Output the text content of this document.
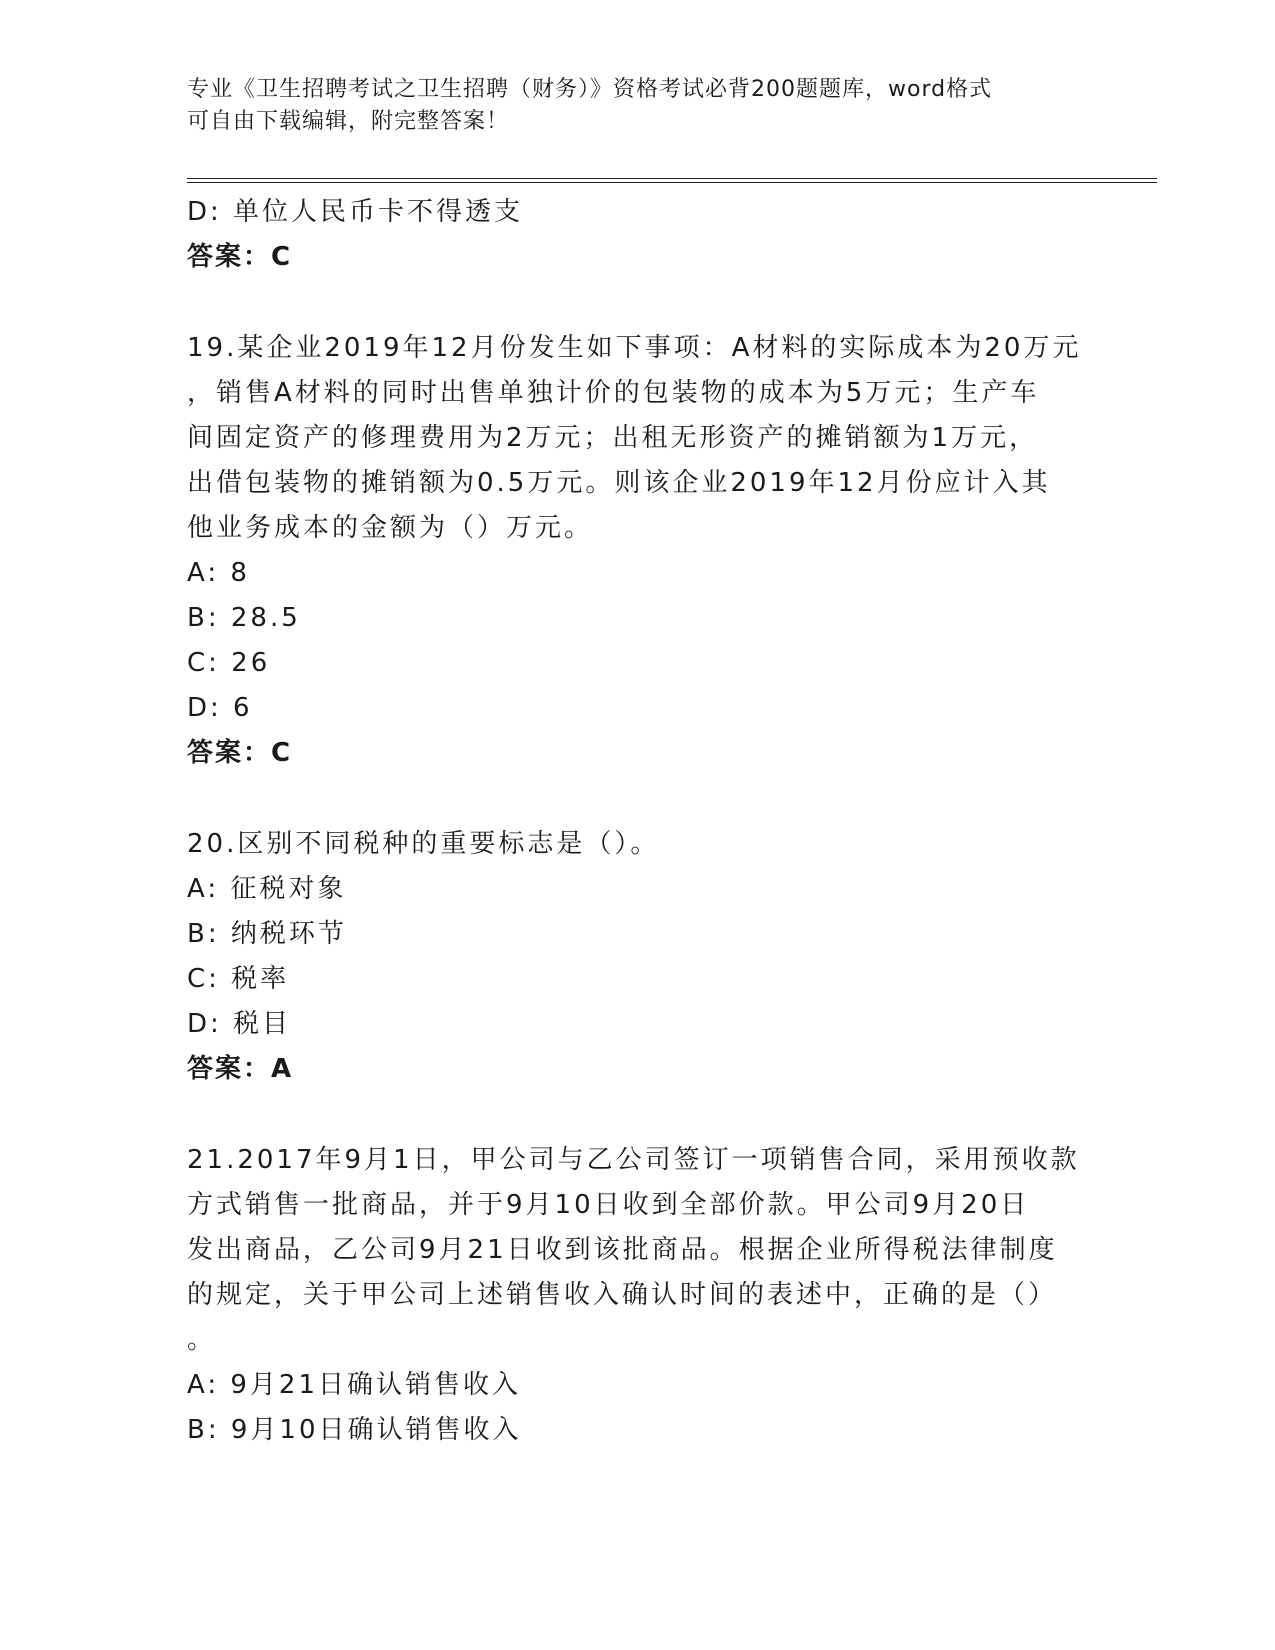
专业《卫生招聘考试之卫生招聘（财务）》资格考试必背200题题库，word格式
可自由下载编辑，附完整答案！
D: 单位人民币卡不得透支
答案：C
19.某企业2019年12月份发生如下事项：A材料的实际成本为20万元
，销售A材料的同时出售单独计价的包装物的成本为5万元；生产车
间固定资产的修理费用为2万元；出租无形资产的摊销额为1万元，
出借包装物的摊销额为0.5万元。则该企业2019年12月份应计入其
他业务成本的金额为（）万元。
A: 8
B: 28.5
C: 26
D: 6
答案：C
20.区别不同税种的重要标志是（）。
A: 征税对象
B: 纳税环节
C: 税率
D: 税目
答案：A
21.2017年9月1日，甲公司与乙公司签订一项销售合同，采用预收款
方式销售一批商品，并于9月10日收到全部价款。甲公司9月20日
发出商品，乙公司9月21日收到该批商品。根据企业所得税法律制度
的规定，关于甲公司上述销售收入确认时间的表述中，正确的是（）
。
A: 9月21日确认销售收入
B: 9月10日确认销售收入
